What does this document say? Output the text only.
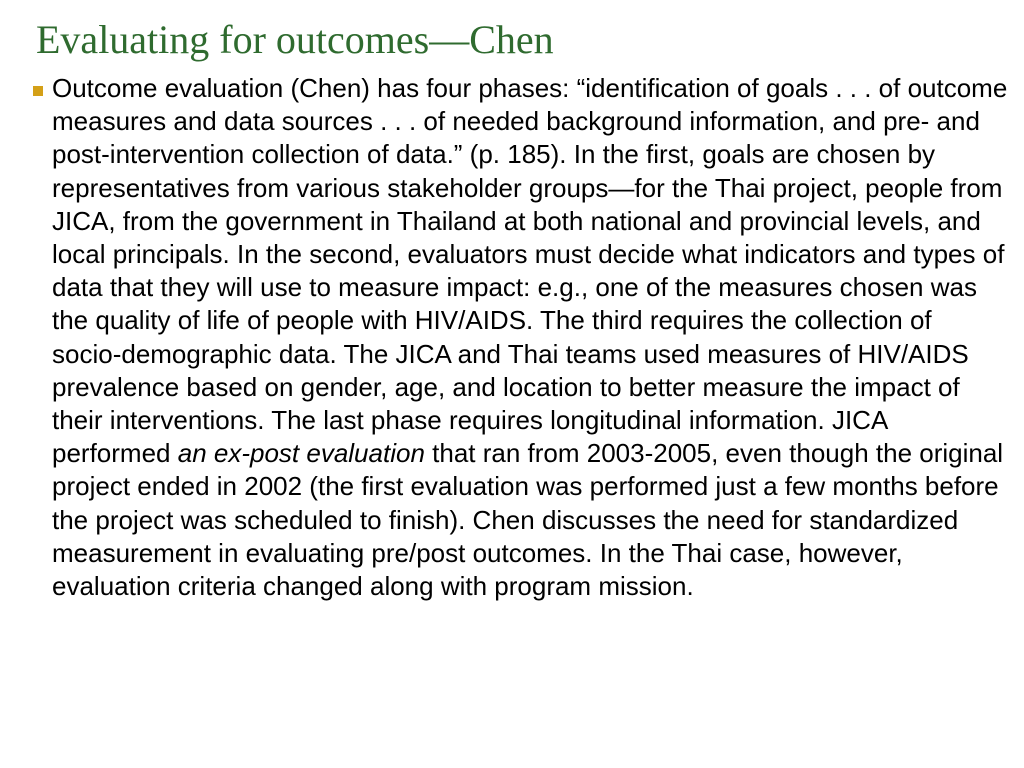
Evaluating for outcomes—Chen

Outcome evaluation (Chen) has four phases: “identification of goals . . . of outcome measures and data sources . . . of needed background information, and pre- and post-intervention collection of data.” (p. 185). In the first, goals are chosen by representatives from various stakeholder groups—for the Thai project, people from JICA, from the government in Thailand at both national and provincial levels, and local principals. In the second, evaluators must decide what indicators and types of data that they will use to measure impact: e.g., one of the measures chosen was the quality of life of people with HIV/AIDS. The third requires the collection of socio-demographic data. The JICA and Thai teams used measures of HIV/AIDS prevalence based on gender, age, and location to better measure the impact of their interventions. The last phase requires longitudinal information. JICA performed an ex-post evaluation that ran from 2003-2005, even though the original project ended in 2002 (the first evaluation was performed just a few months before the project was scheduled to finish). Chen discusses the need for standardized measurement in evaluating pre/post outcomes. In the Thai case, however, evaluation criteria changed along with program mission.
